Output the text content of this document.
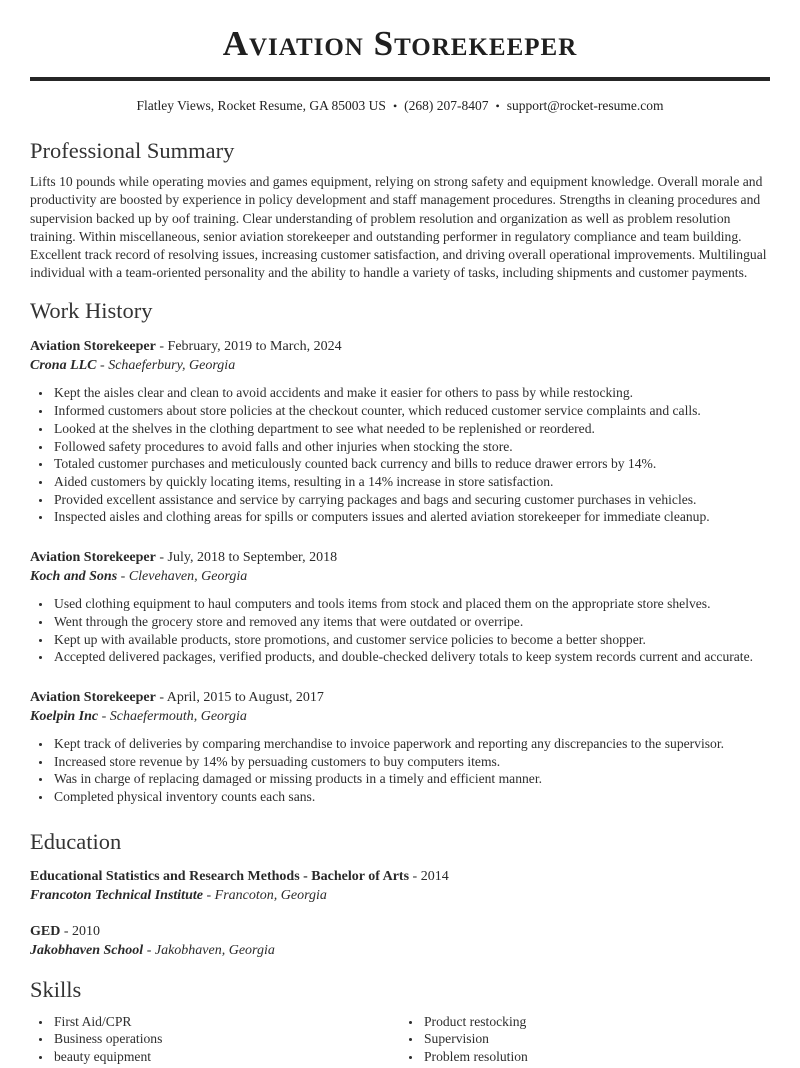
Aviation Storekeeper
Flatley Views, Rocket Resume, GA 85003 US • (268) 207-8407 • support@rocket-resume.com
Professional Summary

Lifts 10 pounds while operating movies and games equipment, relying on strong safety and equipment knowledge. Overall morale and productivity are boosted by experience in policy development and staff management procedures. Strengths in cleaning procedures and supervision backed up by oof training. Clear understanding of problem resolution and organization as well as problem resolution training. Within miscellaneous, senior aviation storekeeper and outstanding performer in regulatory compliance and team building. Excellent track record of resolving issues, increasing customer satisfaction, and driving overall operational improvements. Multilingual individual with a team-oriented personality and the ability to handle a variety of tasks, including shipments and customer payments.

Work History
Aviation Storekeeper - February, 2019 to March, 2024
Crona LLC - Schaeferbury, Georgia
• Kept the aisles clear and clean to avoid accidents and make it easier for others to pass by while restocking.
• Informed customers about store policies at the checkout counter, which reduced customer service complaints and calls.
• Looked at the shelves in the clothing department to see what needed to be replenished or reordered.
• Followed safety procedures to avoid falls and other injuries when stocking the store.
• Totaled customer purchases and meticulously counted back currency and bills to reduce drawer errors by 14%.
• Aided customers by quickly locating items, resulting in a 14% increase in store satisfaction.
• Provided excellent assistance and service by carrying packages and bags and securing customer purchases in vehicles.
• Inspected aisles and clothing areas for spills or computers issues and alerted aviation storekeeper for immediate cleanup.
Aviation Storekeeper - July, 2018 to September, 2018
Koch and Sons - Clevehaven, Georgia
• Used clothing equipment to haul computers and tools items from stock and placed them on the appropriate store shelves.
• Went through the grocery store and removed any items that were outdated or overripe.
• Kept up with available products, store promotions, and customer service policies to become a better shopper.
• Accepted delivered packages, verified products, and double-checked delivery totals to keep system records current and accurate.
Aviation Storekeeper - April, 2015 to August, 2017
Koelpin Inc - Schaefermouth, Georgia
• Kept track of deliveries by comparing merchandise to invoice paperwork and reporting any discrepancies to the supervisor.
• Increased store revenue by 14% by persuading customers to buy computers items.
• Was in charge of replacing damaged or missing products in a timely and efficient manner.
• Completed physical inventory counts each sans.
Education
Educational Statistics and Research Methods - Bachelor of Arts - 2014
Francoton Technical Institute - Francoton, Georgia
GED - 2010
Jakobhaven School - Jakobhaven, Georgia
Skills
• First Aid/CPR
• Business operations
• beauty equipment
• Product restocking
• Supervision
• Problem resolution
